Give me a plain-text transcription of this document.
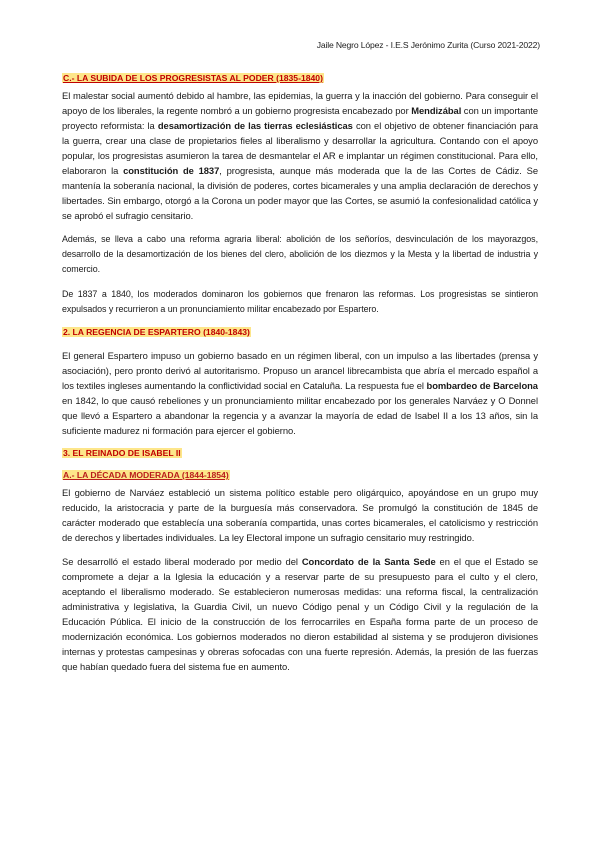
Jaile Negro López - I.E.S Jerónimo Zurita (Curso 2021-2022)
C.- LA SUBIDA DE LOS PROGRESISTAS AL PODER (1835-1840)

El malestar social aumentó debido al hambre, las epidemias, la guerra y la inacción del gobierno. Para conseguir el apoyo de los liberales, la regente nombró a un gobierno progresista encabezado por Mendizábal con un importante proyecto reformista: la desamortización de las tierras eclesiásticas con el objetivo de obtener financiación para la guerra, crear una clase de propietarios fieles al liberalismo y desarrollar la agricultura. Contando con el apoyo popular, los progresistas asumieron la tarea de desmantelar el AR e implantar un régimen constitucional. Para ello, elaboraron la constitución de 1837, progresista, aunque más moderada que la de las Cortes de Cádiz. Se mantenía la soberanía nacional, la división de poderes, cortes bicamerales y una amplia declaración de derechos y libertades. Sin embargo, otorgó a la Corona un poder mayor que las Cortes, se asumió la confesionalidad católica y se aprobó el sufragio censitario.

Además, se lleva a cabo una reforma agraria liberal: abolición de los señoríos, desvinculación de los mayorazgos, desarrollo de la desamortización de los bienes del clero, abolición de los diezmos y la Mesta y la libertad de industria y comercio.

De 1837 a 1840, los moderados dominaron los gobiernos que frenaron las reformas. Los progresistas se sintieron expulsados y recurrieron a un pronunciamiento militar encabezado por Espartero.

2. LA REGENCIA DE ESPARTERO (1840-1843)

El general Espartero impuso un gobierno basado en un régimen liberal, con un impulso a las libertades (prensa y asociación), pero pronto derivó al autoritarismo. Propuso un arancel librecambista que abría el mercado español a los textiles ingleses aumentando la conflictividad social en Cataluña. La respuesta fue el bombardeo de Barcelona en 1842, lo que causó rebeliones y un pronunciamiento militar encabezado por los generales Narváez y O Donnel que llevó a Espartero a abandonar la regencia y a avanzar la mayoría de edad de Isabel II a los 13 años, sin la suficiente madurez ni formación para ejercer el gobierno.

3. EL REINADO DE ISABEL II
A.- LA DÉCADA MODERADA (1844-1854)

El gobierno de Narváez estableció un sistema político estable pero oligárquico, apoyándose en un grupo muy reducido, la aristocracia y parte de la burguesía más conservadora. Se promulgó la constitución de 1845 de carácter moderado que establecía una soberanía compartida, unas cortes bicamerales, el catolicismo y restricción de derechos y libertades individuales. La ley Electoral impone un sufragio censitario muy restringido.

Se desarrolló el estado liberal moderado por medio del Concordato de la Santa Sede en el que el Estado se compromete a dejar a la Iglesia la educación y a reservar parte de su presupuesto para el culto y el clero, aceptando el liberalismo moderado. Se establecieron numerosas medidas: una reforma fiscal, la centralización administrativa y legislativa, la Guardia Civil, un nuevo Código penal y un Código Civil y la regulación de la Educación Pública. El inicio de la construcción de los ferrocarriles en España forma parte de un proceso de modernización económica. Los gobiernos moderados no dieron estabilidad al sistema y se produjeron divisiones internas y protestas campesinas y obreras sofocadas con una fuerte represión. Además, la presión de las fuerzas que habían quedado fuera del sistema fue en aumento.
